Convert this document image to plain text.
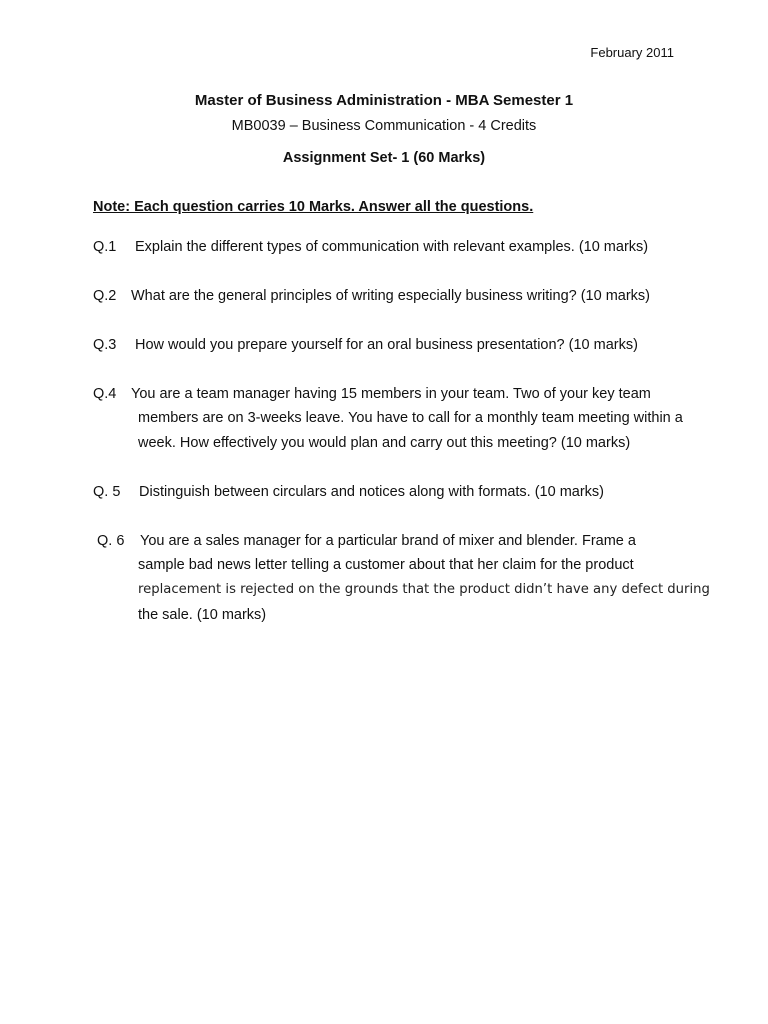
February 2011
Master of Business Administration - MBA Semester 1
MB0039 – Business Communication - 4 Credits
Assignment Set- 1 (60 Marks)
Note: Each question carries 10 Marks. Answer all the questions.
Q.1 Explain the different types of communication with relevant examples. (10 marks)
Q.2 What are the general principles of writing especially business writing? (10 marks)
Q.3 How would you prepare yourself for an oral business presentation? (10 marks)
Q.4 You are a team manager having 15 members in your team. Two of your key team
members are on 3-weeks leave. You have to call for a monthly team meeting within a
week. How effectively you would plan and carry out this meeting? (10 marks)
Q. 5 Distinguish between circulars and notices along with formats. (10 marks)
Q. 6 You are a sales manager for a particular brand of mixer and blender. Frame a
sample bad news letter telling a customer about that her claim for the product
replacement is rejected on the grounds that the product didn’t have any defect during
the sale. (10 marks)
